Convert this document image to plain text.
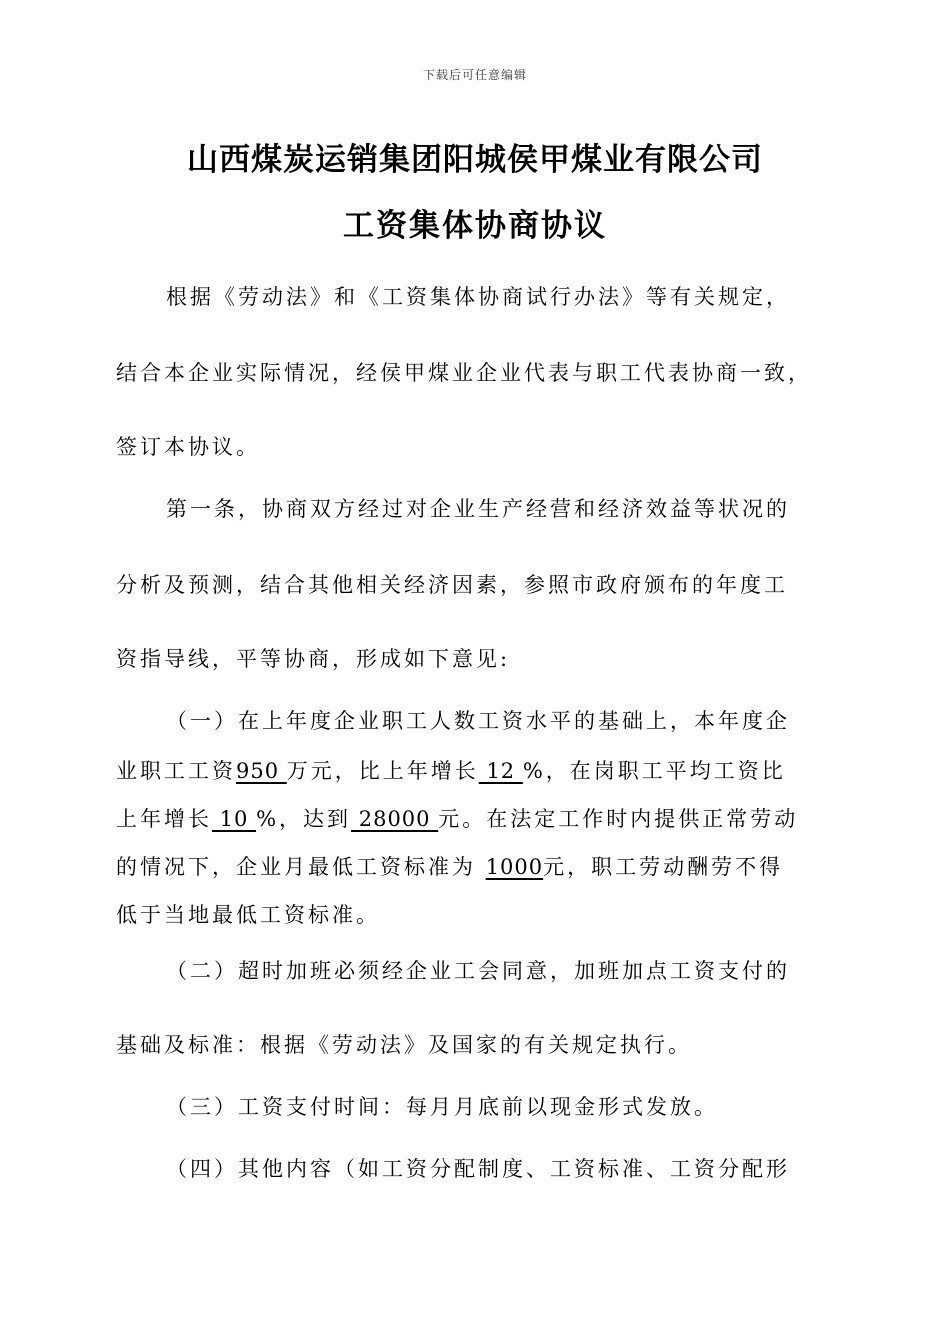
下载后可任意编辑
山西煤炭运销集团阳城侯甲煤业有限公司
工资集体协商协议
根据《劳动法》和《工资集体协商试行办法》等有关规定，
结合本企业实际情况，经侯甲煤业企业代表与职工代表协商一致，
签订本协议。
第一条，协商双方经过对企业生产经营和经济效益等状况的
分析及预测，结合其他相关经济因素，参照市政府颁布的年度工
资指导线，平等协商，形成如下意见:
（一）在上年度企业职工人数工资水平的基础上，本年度企
业职工工资950 万元，比上年增长 12 %，在岗职工平均工资比
上年增长 10 %，达到 28000 元。在法定工作时内提供正常劳动
的情况下，企业月最低工资标准为 1000元，职工劳动酬劳不得
低于当地最低工资标准。
（二）超时加班必须经企业工会同意，加班加点工资支付的
基础及标准：根据《劳动法》及国家的有关规定执行。
（三）工资支付时间：每月月底前以现金形式发放。
（四）其他内容（如工资分配制度、工资标准、工资分配形
